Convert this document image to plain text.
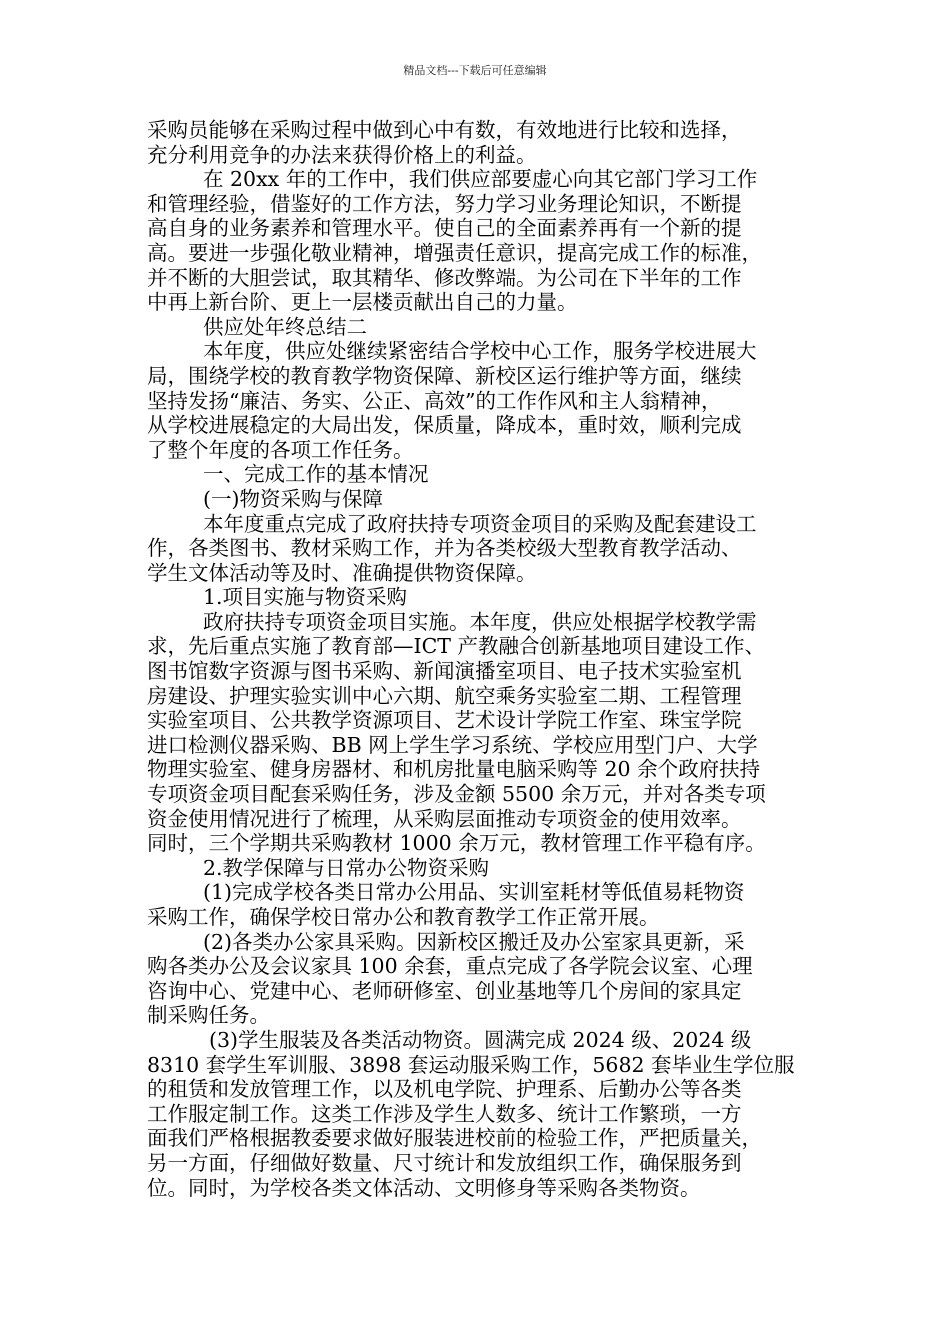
精品文档---下载后可任意编辑

采购员能够在采购过程中做到心中有数，有效地进行比较和选择，

充分利用竞争的办法来获得价格上的利益。

在 20xx 年的工作中，我们供应部要虚心向其它部门学习工作

和管理经验，借鉴好的工作方法，努力学习业务理论知识，不断提

高自身的业务素养和管理水平。使自己的全面素养再有一个新的提

高。要进一步强化敬业精神，增强责任意识，提高完成工作的标准，

并不断的大胆尝试，取其精华、修改弊端。为公司在下半年的工作

中再上新台阶、更上一层楼贡献出自己的力量。

供应处年终总结二

本年度，供应处继续紧密结合学校中心工作，服务学校进展大

局，围绕学校的教育教学物资保障、新校区运行维护等方面，继续

坚持发扬“廉洁、务实、公正、高效”的工作作风和主人翁精神，

从学校进展稳定的大局出发，保质量，降成本，重时效，顺利完成

了整个年度的各项工作任务。

一、完成工作的基本情况

(一)物资采购与保障

本年度重点完成了政府扶持专项资金项目的采购及配套建设工

作，各类图书、教材采购工作，并为各类校级大型教育教学活动、

学生文体活动等及时、准确提供物资保障。

1.项目实施与物资采购

政府扶持专项资金项目实施。本年度，供应处根据学校教学需

求，先后重点实施了教育部—ICT 产教融合创新基地项目建设工作、

图书馆数字资源与图书采购、新闻演播室项目、电子技术实验室机

房建设、护理实验实训中心六期、航空乘务实验室二期、工程管理

实验室项目、公共教学资源项目、艺术设计学院工作室、珠宝学院

进口检测仪器采购、BB 网上学生学习系统、学校应用型门户、大学

物理实验室、健身房器材、和机房批量电脑采购等 20 余个政府扶持

专项资金项目配套采购任务，涉及金额 5500 余万元，并对各类专项

资金使用情况进行了梳理，从采购层面推动专项资金的使用效率。

同时，三个学期共采购教材 1000 余万元，教材管理工作平稳有序。

2.教学保障与日常办公物资采购

(1)完成学校各类日常办公用品、实训室耗材等低值易耗物资

采购工作，确保学校日常办公和教育教学工作正常开展。

(2)各类办公家具采购。因新校区搬迁及办公室家具更新，采

购各类办公及会议家具 100 余套，重点完成了各学院会议室、心理

咨询中心、党建中心、老师研修室、创业基地等几个房间的家具定

制采购任务。

(3)学生服装及各类活动物资。圆满完成 2024 级、2024 级

8310 套学生军训服、3898 套运动服采购工作，5682 套毕业生学位服

的租赁和发放管理工作，以及机电学院、护理系、后勤办公等各类

工作服定制工作。这类工作涉及学生人数多、统计工作繁琐，一方

面我们严格根据教委要求做好服装进校前的检验工作，严把质量关，

另一方面，仔细做好数量、尺寸统计和发放组织工作，确保服务到

位。同时，为学校各类文体活动、文明修身等采购各类物资。
